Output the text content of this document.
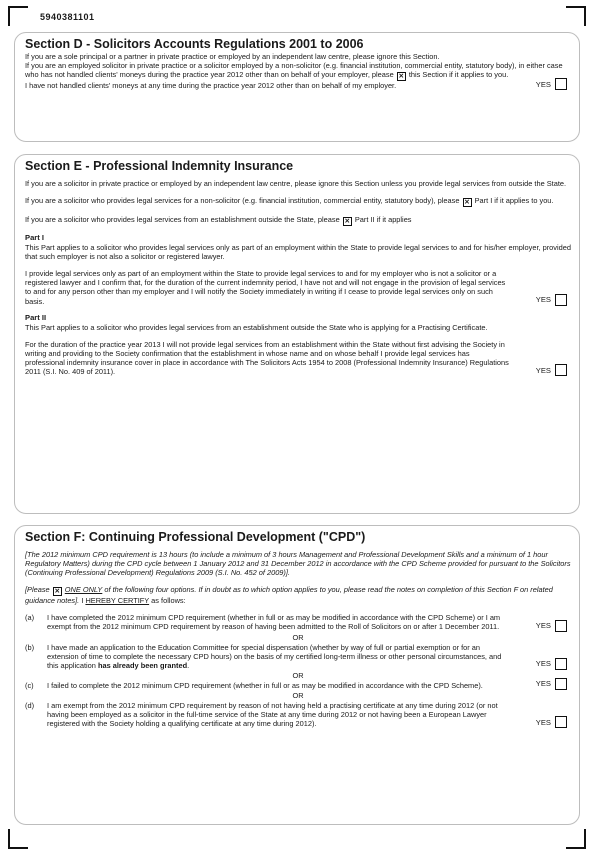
5940381101
Section D - Solicitors Accounts Regulations 2001 to 2006

If you are a sole principal or a partner in private practice or employed by an independent law centre, please ignore this Section.

If you are an employed solicitor in private practice or a solicitor employed by a non-solicitor (e.g. financial institution, commercial entity, statutory body), in either case who has not handled clients' moneys during the practice year 2012 other than on behalf of your employer, please ✕ this Section if it applies to you.

I have not handled clients' moneys at any time during the practice year 2012 other than on behalf of my employer.	YES
Section E - Professional Indemnity Insurance

If you are a solicitor in private practice or employed by an independent law centre, please ignore this Section unless you provide legal services from outside the State.

If you are a solicitor who provides legal services for a non-solicitor (e.g. financial institution, commercial entity, statutory body), please ✕ Part I if it applies to you.

If you are a solicitor who provides legal services from an establishment outside the State, please ✕ Part II if it applies

Part I

This Part applies to a solicitor who provides legal services only as part of an employment within the State to provide legal services to and for his/her employer, provided that such employer is not also a solicitor or registered lawyer.

I provide legal services only as part of an employment within the State to provide legal services to and for my employer who is not a solicitor or a registered lawyer and I confirm that, for the duration of the current indemnity period, I have not and will not engage in the provision of legal services to and for any person other than my employer and I will notify the Society immediately in writing if I cease to provide legal services only on such basis.	YES
Part II

This Part applies to a solicitor who provides legal services from an establishment outside the State who is applying for a Practising Certificate.

For the duration of the practice year 2013 I will not provide legal services from an establishment within the State without first advising the Society in writing and providing to the Society confirmation that the establishment in whose name and on whose behalf I provide legal services has professional indemnity insurance cover in place in accordance with The Solicitors Acts 1954 to 2008 (Professional Indemnity Insurance) Regulations 2011 (S.I. No. 409 of 2011).	YES
Section F: Continuing Professional Development ("CPD")

[The 2012 minimum CPD requirement is 13 hours (to include a minimum of 3 hours Management and Professional Development Skills and a minimum of 1 hour Regulatory Matters) during the CPD cycle between 1 January 2012 and 31 December 2012 in accordance with the CPD Scheme provided for pursuant to the Solicitors (Continuing Professional Development) Regulations 2009 (S.I. No. 452 of 2009)].

[Please ✕ ONE ONLY of the following four options. If in doubt as to which option applies to you, please read the notes on completion of this Section F on related guidance notes]. I HEREBY CERTIFY as follows:

(a) I have completed the 2012 minimum CPD requirement (whether in full or as may be modified in accordance with the CPD Scheme) or I am exempt from the 2012 minimum CPD requirement by reason of having been admitted to the Roll of Solicitors on or after 1 December 2011.	YES
OR
(b) I have made an application to the Education Committee for special dispensation (whether by way of full or partial exemption or for an extension of time to complete the necessary CPD hours) on the basis of my certified long-term illness or other personal circumstances, and this application has already been granted.	YES
OR
(c) I failed to complete the 2012 minimum CPD requirement (whether in full or as may be modified in accordance with the CPD Scheme).	YES
OR
(d) I am exempt from the 2012 minimum CPD requirement by reason of not having held a practising certificate at any time during 2012 (or not having been employed as a solicitor in the full-time service of the State at any time during 2012 or not having been a European Lawyer registered with the Society holding a qualifying certificate at any time during 2012).	YES
